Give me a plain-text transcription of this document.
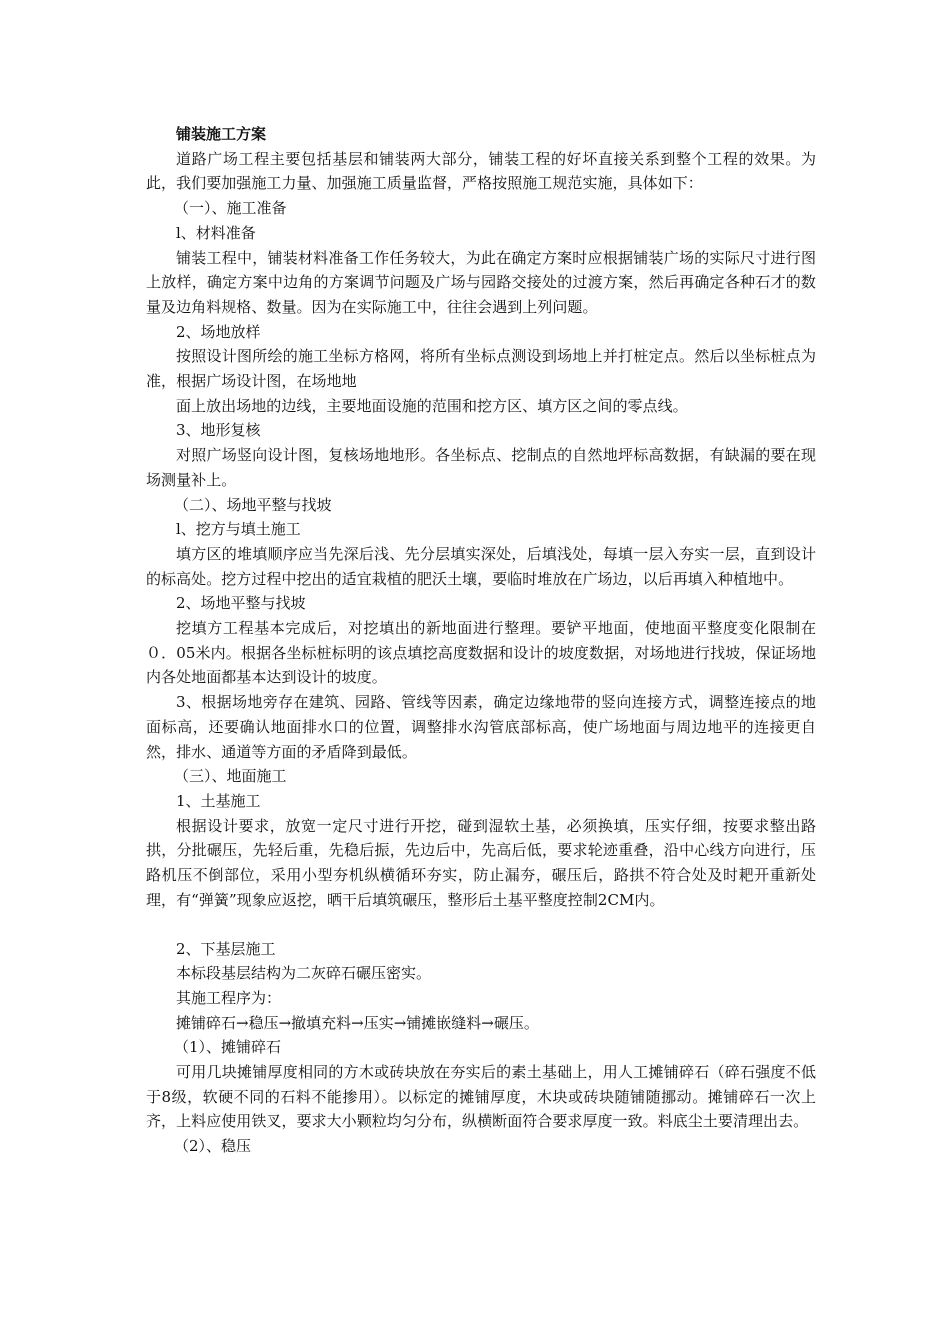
铺装施工方案

道路广场工程主要包括基层和铺装两大部分，铺装工程的好坏直接关系到整个工程的效果。为此，我们要加强施工力量、加强施工质量监督，严格按照施工规范实施，具体如下：

（一）、施工准备

l、材料准备

铺装工程中，铺装材料准备工作任务较大，为此在确定方案时应根据铺装广场的实际尺寸进行图上放样，确定方案中边角的方案调节问题及广场与园路交接处的过渡方案，然后再确定各种石才的数量及边角料规格、数量。因为在实际施工中，往往会遇到上列问题。

2、场地放样

按照设计图所绘的施工坐标方格网，将所有坐标点测设到场地上并打桩定点。然后以坐标桩点为准，根据广场设计图，在场地地

面上放出场地的边线，主要地面设施的范围和挖方区、填方区之间的零点线。

3、地形复核

对照广场竖向设计图，复核场地地形。各坐标点、挖制点的自然地坪标高数据，有缺漏的要在现场测量补上。

（二）、场地平整与找坡

l、挖方与填土施工

填方区的堆填顺序应当先深后浅、先分层填实深处，后填浅处，每填一层入夯实一层，直到设计的标高处。挖方过程中挖出的适宜栽植的肥沃土壤，要临时堆放在广场边，以后再填入种植地中。

2、场地平整与找坡

挖填方工程基本完成后，对挖填出的新地面进行整理。要铲平地面，使地面平整度变化限制在０．05米内。根据各坐标桩标明的该点填挖高度数据和设计的坡度数据，对场地进行找坡，保证场地内各处地面都基本达到设计的坡度。

3、根据场地旁存在建筑、园路、管线等因素，确定边缘地带的竖向连接方式，调整连接点的地面标高，还要确认地面排水口的位置，调整排水沟管底部标高，使广场地面与周边地平的连接更自然，排水、通道等方面的矛盾降到最低。

（三）、地面施工

1、土基施工

根据设计要求，放宽一定尺寸进行开挖，碰到湿软土基，必须换填，压实仔细，按要求整出路拱，分批碾压，先轻后重，先稳后振，先边后中，先高后低，要求轮迹重叠，沿中心线方向进行，压路机压不倒部位，采用小型夯机纵横循环夯实，防止漏夯，碾压后，路拱不符合处及时耙开重新处理，有“弹簧”现象应返挖，晒干后填筑碾压，整形后土基平整度控制2CM内。

2、下基层施工

本标段基层结构为二灰碎石碾压密实。

其施工程序为：

摊铺碎石→稳压→撤填充料→压实→铺摊嵌缝料→碾压。

（1）、摊铺碎石

可用几块摊铺厚度相同的方木或砖块放在夯实后的素土基础上，用人工摊铺碎石（碎石强度不低于8级，软硬不同的石料不能掺用）。以标定的摊铺厚度，木块或砖块随铺随挪动。摊铺碎石一次上齐，上料应使用铁叉，要求大小颗粒均匀分布，纵横断面符合要求厚度一致。料底尘土要清理出去。

（2）、稳压
